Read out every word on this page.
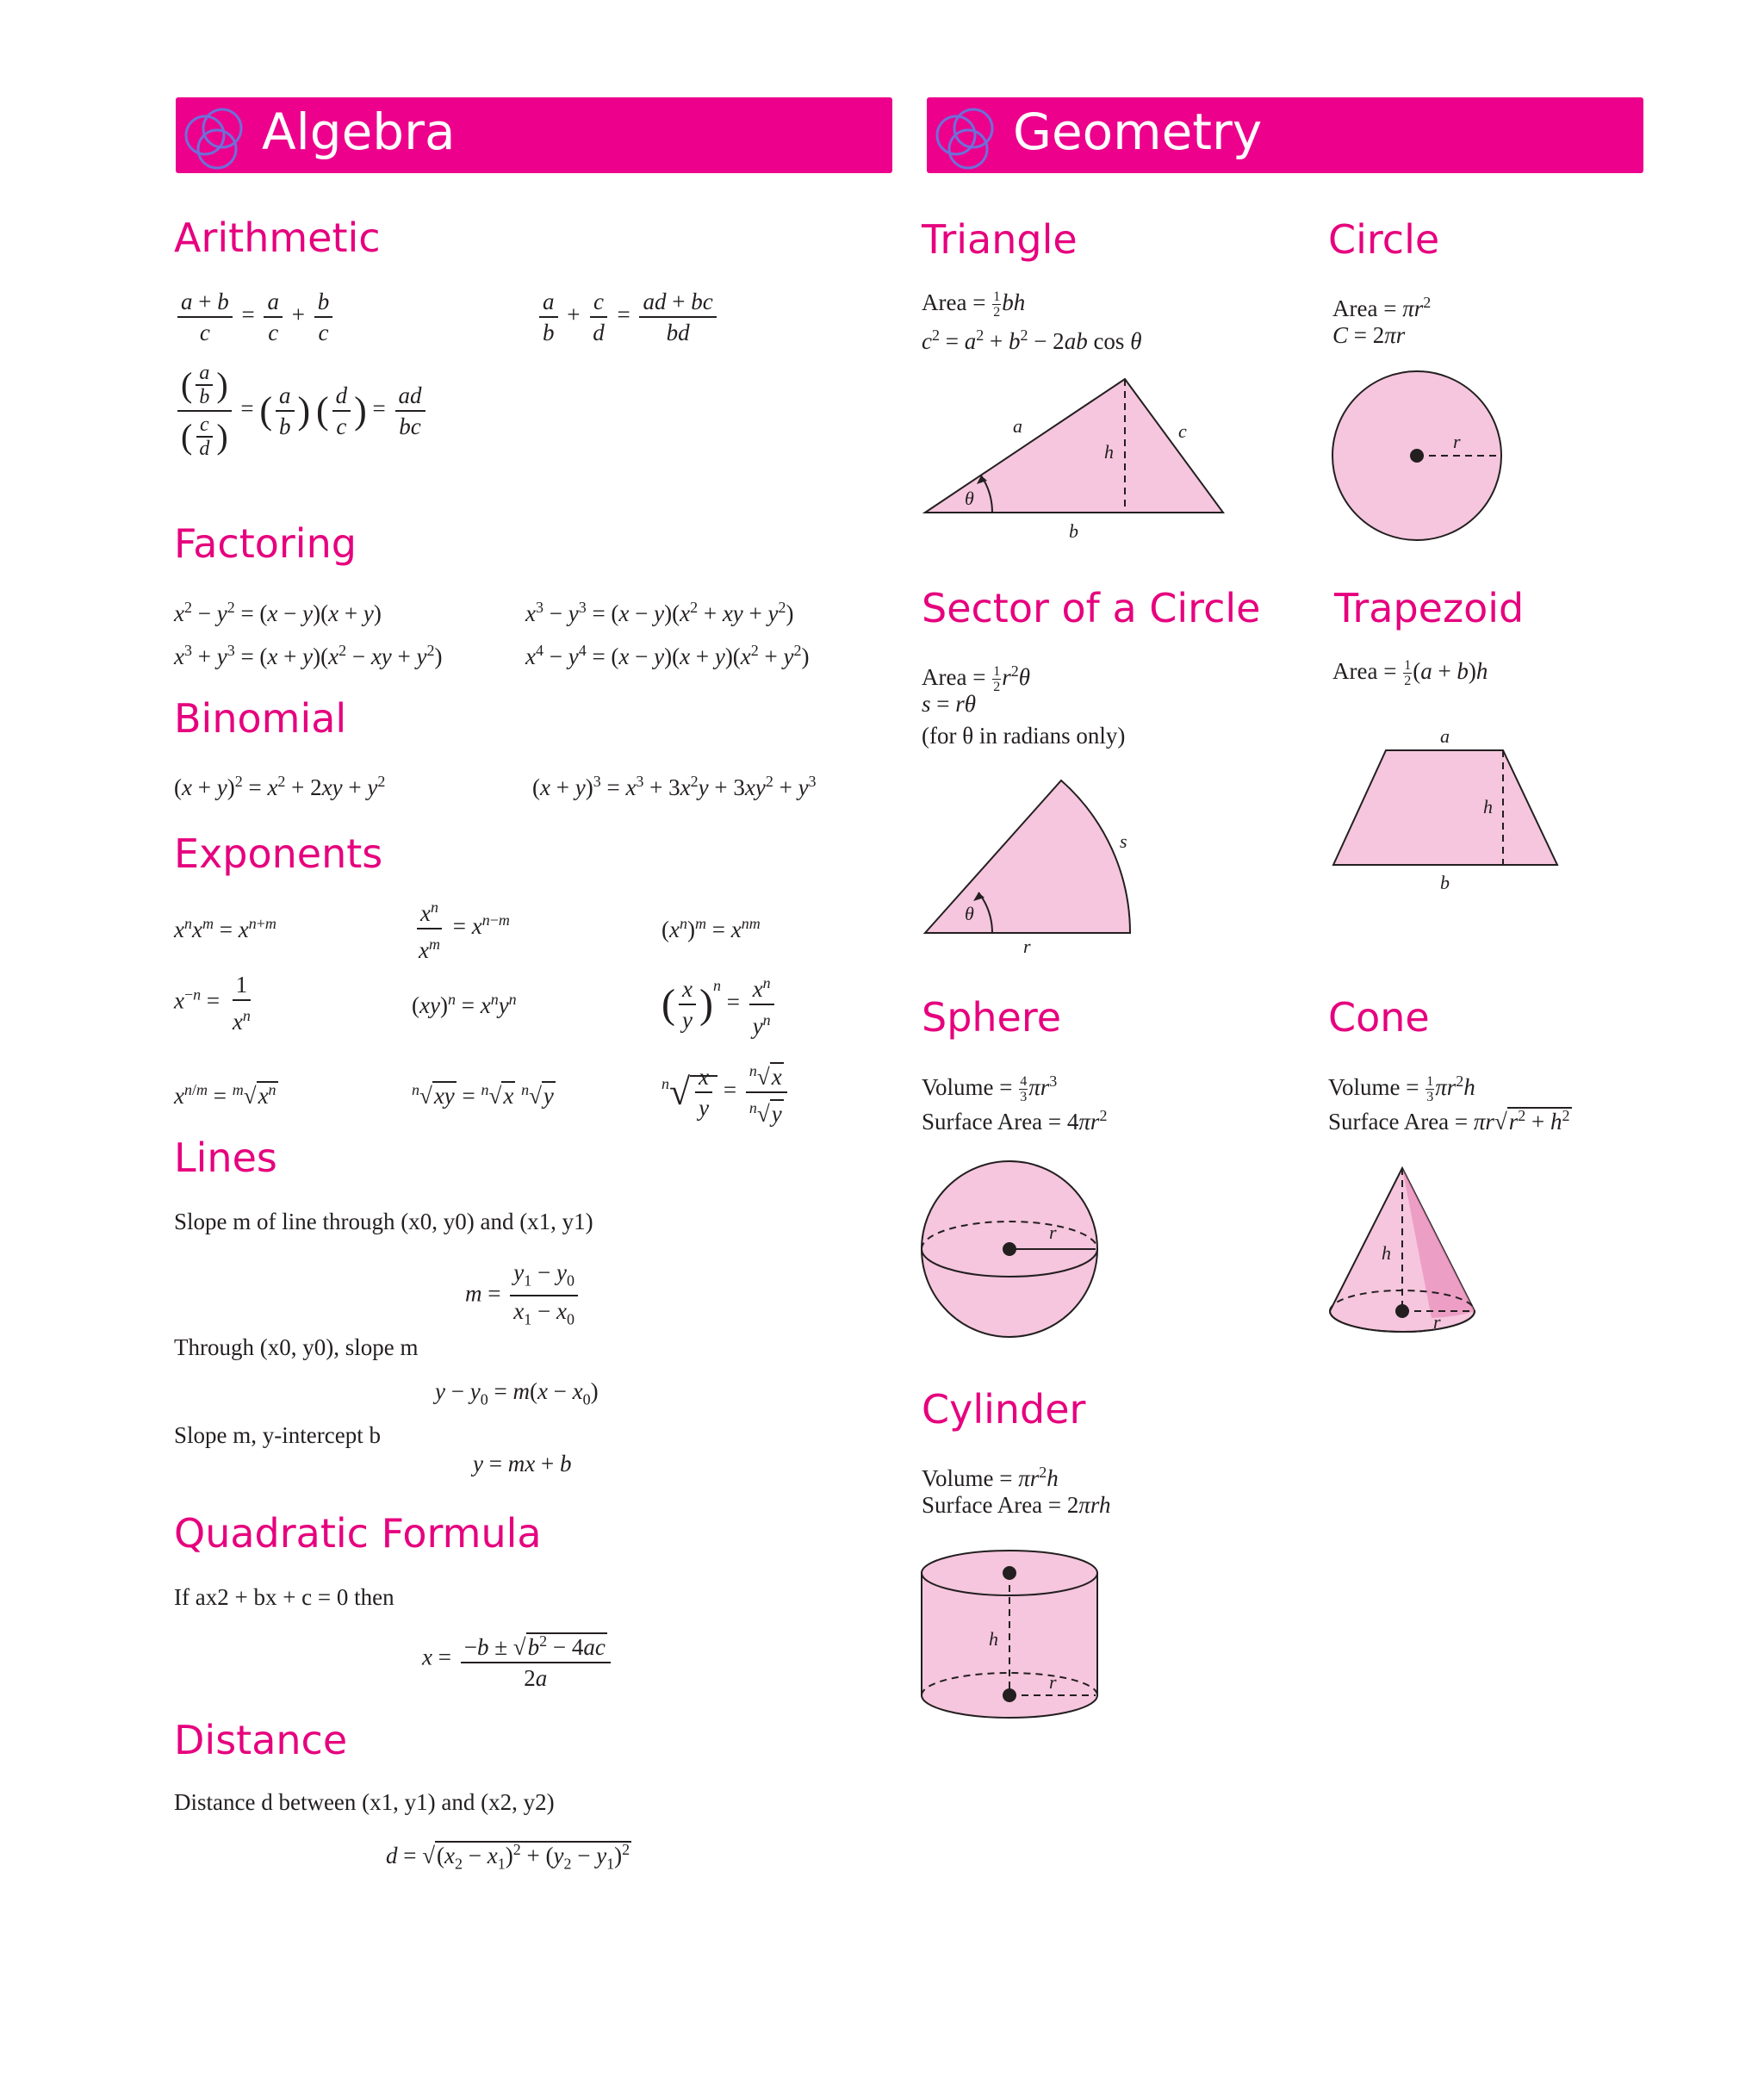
Algebra	Geometry
Arithmetic
$\frac{a + b}{c} = \frac{a}{c} + \frac{b}{c}$	$\frac{a}{b} + \frac{c}{d} = \frac{ad + bc}{bd}$
$\frac{( \frac{a}{b} )}{( \frac{c}{d} )}$ = ( $\frac{a}{b}$ ) ( $\frac{d}{c}$ ) = $\frac{ad}{bc}$
Factoring
$x^2 - y^2 = (x - y)(x + y)$	$x^3 - y^3 = (x - y)(x^2$ + xy + $y^2$)
$x^3 + y^3 = (x + y)(x^2$ − xy + $y^2$)	$x^4 - y^4 = (x - y)(x + y)(x^2 + y^2)$
Binomial
$(x + y)^2 = x^2 + 2xy + y^2$	$(x + y)^3 = x^3 + 3x^2y + 3xy^2 + y^3$
Exponents
$x^nx^m = x^{n+m}$	$\frac{x^n}{x^m} = x^{n-m}$	$(x^n)^m = x^{nm}$
$x^{-n} = \frac{1}{x^n}$	$(xy)^n = x^ny^n$	( $\frac{x}{y} )^n = \frac{x^n}{y^n}$
$x^{n/m} = ^m√x^n$	$^n$√xy = $^n$√x $^n$√y	$^n√ \frac{x}{y} = \frac{^n√x}{^n√y}$
Lines
Slope m of line through (x0, y0) and (x1, y1)
$m = \frac{y_1 - y_0}{x_1 - x_0}$
Through (x0, y0), slope m
$y - y_0 = m(x - x_0)$
Slope m, y-intercept b
y = mx + b
Quadratic Formula
If ax2 + bx + c = 0 then
$x = \frac{-b \pm √b^2 - 4ac}{2a}$
Distance
Distance d between (x1, y1) and (x2, y2)
$d = √(x_2 - x_1)^2 + (y_2 - y_1)^2$
Triangle
Area = $\frac{1}{2}$ bh
$c^2 = a^2 + b^2 - 2ab$ cos θ
a	c
h
b
θ
Circle
Area = $\pi r^2$
C = 2πr
r
Sector of a Circle
Area = $\frac{1}{2} r^2\theta$
s = rθ
(for θ in radians only)
s
r
θ
Trapezoid
Area = $\frac{1}{2} (a + b)h$
a
h
b
Sphere
Volume = $\frac{4}{3} \pi r^3$
Surface Area = $4\pi r^2$
r
Cone
Volume = $\frac{1}{3} \pi r^2h$
Surface Area = $\pi r√r^2 + h^2$
h
r
Cylinder
Volume = $\pi r^2h$
Surface Area = 2πrh
h
r
